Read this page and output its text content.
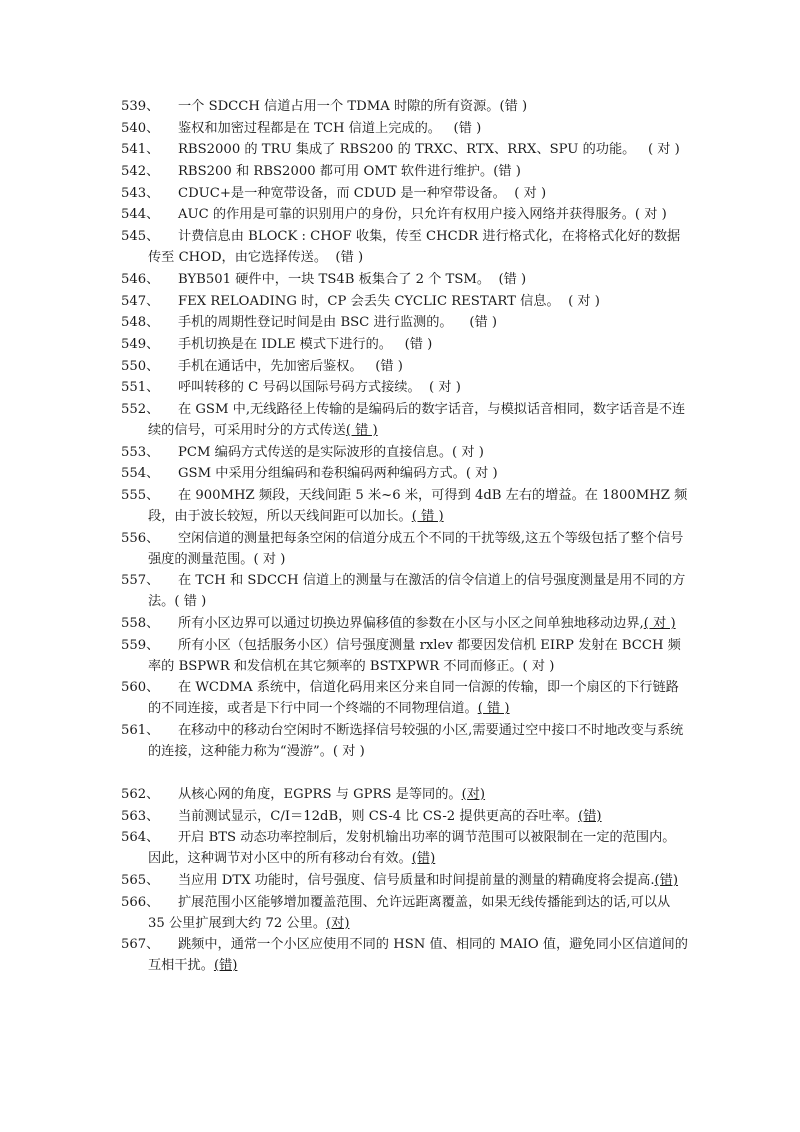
539、	一个 SDCCH 信道占用一个 TDMA 时隙的所有资源。(错 )
540、	鉴权和加密过程都是在 TCH 信道上完成的。   (错 )
541、	RBS2000 的 TRU 集成了 RBS200 的 TRXC、RTX、RRX、SPU 的功能。   ( 对 )
542、	RBS200 和 RBS2000 都可用 OMT 软件进行维护。(错 )
543、	CDUC+是一种宽带设备，而 CDUD 是一种窄带设备。  ( 对 )
544、	AUC 的作用是可靠的识别用户的身份，只允许有权用户接入网络并获得服务。( 对 )
545、	计费信息由 BLOCK : CHOF 收集，传至 CHCDR 进行格式化，在将格式化好的数据传至 CHOD，由它选择传送。  (错 )
546、	BYB501 硬件中，一块 TS4B 板集合了 2 个 TSM。  (错 )
547、	FEX RELOADING 时，CP 会丢失 CYCLIC RESTART 信息。  ( 对 )
548、	手机的周期性登记时间是由 BSC 进行监测的。    (错 )
549、	手机切换是在 IDLE 模式下进行的。   (错 )
550、	手机在通话中，先加密后鉴权。   (错 )
551、	呼叫转移的 C 号码以国际号码方式接续。  ( 对 )
552、	在 GSM 中,无线路径上传输的是编码后的数字话音，与模拟话音相同，数字话音是不连续的信号，可采用时分的方式传送( 错 )
553、	PCM 编码方式传送的是实际波形的直接信息。( 对 )
554、	GSM 中采用分组编码和卷积编码两种编码方式。( 对 )
555、	在 900MHZ 频段，天线间距 5 米~6 米，可得到 4dB 左右的增益。在 1800MHZ 频段，由于波长较短，所以天线间距可以加长。( 错 )
556、	空闲信道的测量把每条空闲的信道分成五个不同的干扰等级,这五个等级包括了整个信号强度的测量范围。( 对 )
557、	在 TCH 和 SDCCH 信道上的测量与在激活的信令信道上的信号强度测量是用不同的方法。( 错 )
558、	所有小区边界可以通过切换边界偏移值的参数在小区与小区之间单独地移动边界,( 对 )
559、	所有小区（包括服务小区）信号强度测量 rxlev 都要因发信机 EIRP 发射在 BCCH 频率的 BSPWR 和发信机在其它频率的 BSTXPWR 不同而修正。( 对 )
560、	在 WCDMA 系统中，信道化码用来区分来自同一信源的传输，即一个扇区的下行链路的不同连接，或者是下行中同一个终端的不同物理信道。( 错 )
561、	在移动中的移动台空闲时不断选择信号较强的小区,需要通过空中接口不时地改变与系统的连接，这种能力称为“漫游”。( 对 )
562、	从核心网的角度，EGPRS 与 GPRS 是等同的。(对)
563、	当前测试显示，C/I＝12dB，则 CS-4 比 CS-2 提供更高的吞吐率。(错)
564、	开启 BTS 动态功率控制后，发射机输出功率的调节范围可以被限制在一定的范围内。因此，这种调节对小区中的所有移动台有效。(错)
565、	当应用 DTX 功能时，信号强度、信号质量和时间提前量的测量的精确度将会提高.(错)
566、	扩展范围小区能够增加覆盖范围、允许远距离覆盖，如果无线传播能到达的话,可以从 35 公里扩展到大约 72 公里。(对)
567、	跳频中，通常一个小区应使用不同的 HSN 值、相同的 MAIO 值，避免同小区信道间的互相干扰。(错)
